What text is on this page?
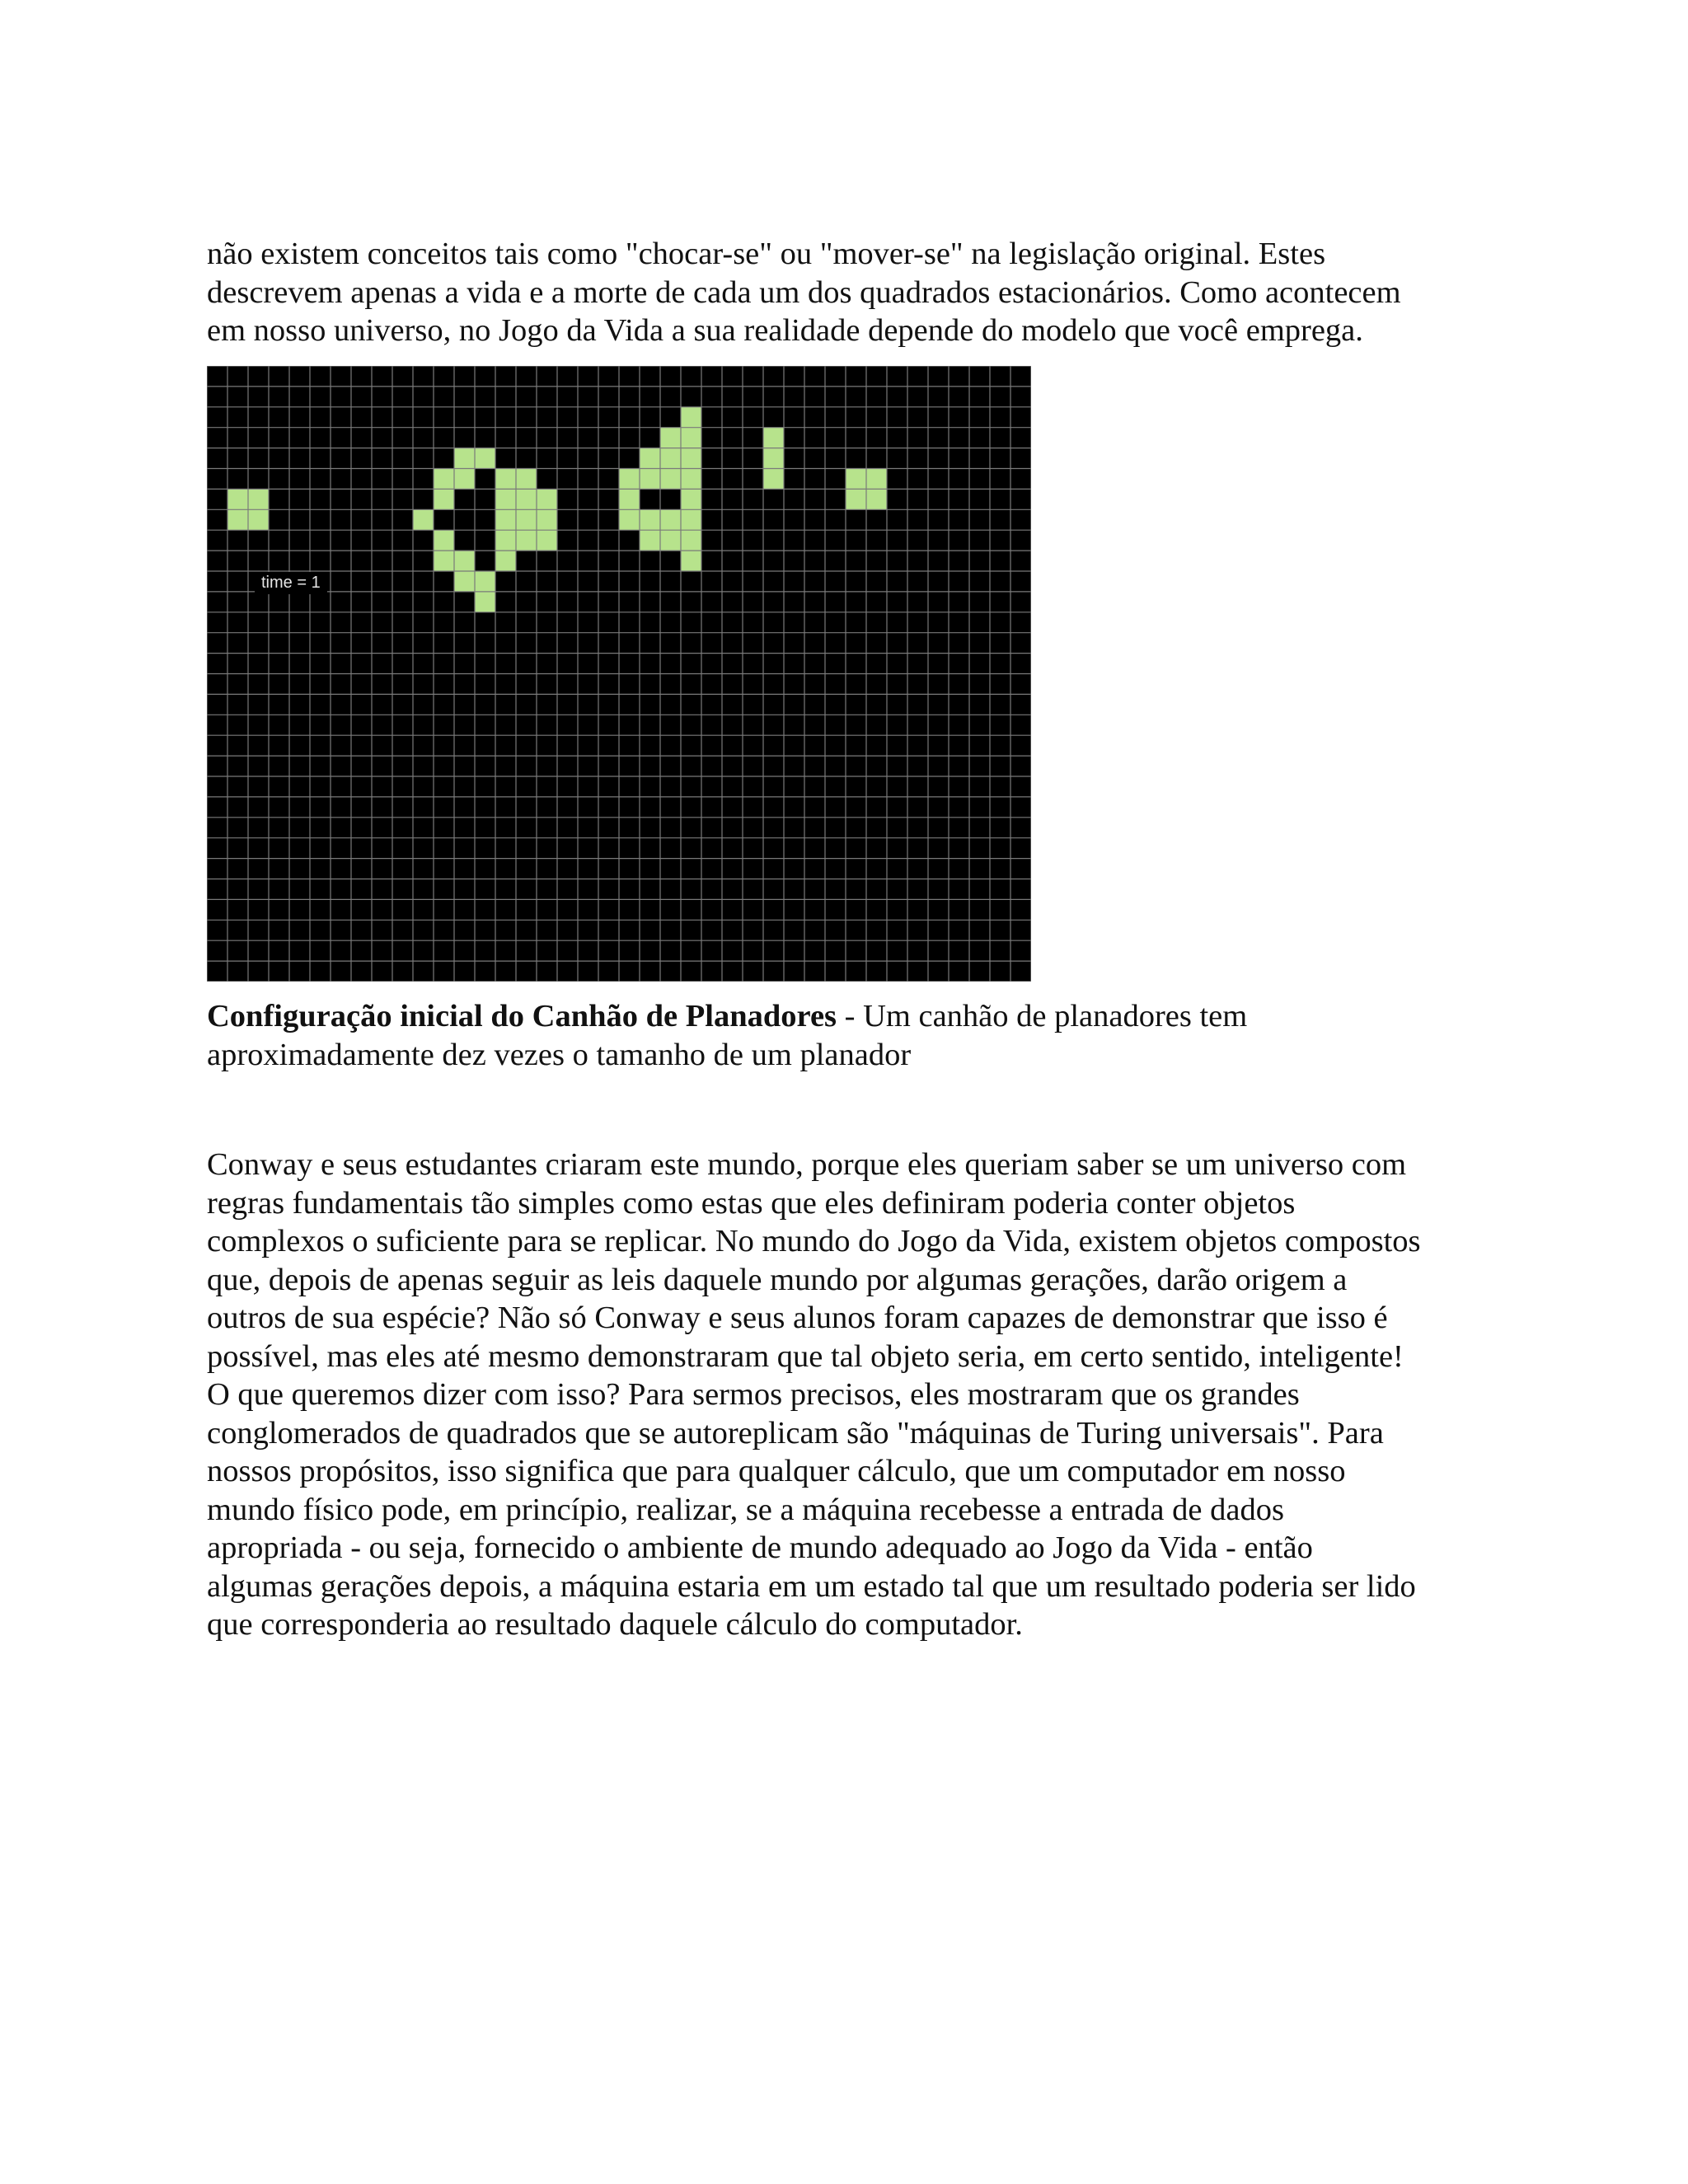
não existem conceitos tais como "chocar-se" ou "mover-se" na legislação original. Estes
descrevem apenas a vida e a morte de cada um dos quadrados estacionários. Como acontecem
em nosso universo, no Jogo da Vida a sua realidade depende do modelo que você emprega.

time = 1

Configuração inicial do Canhão de Planadores - Um canhão de planadores tem
aproximadamente dez vezes o tamanho de um planador

Conway e seus estudantes criaram este mundo, porque eles queriam saber se um universo com
regras fundamentais tão simples como estas que eles definiram poderia conter objetos
complexos o suficiente para se replicar. No mundo do Jogo da Vida, existem objetos compostos
que, depois de apenas seguir as leis daquele mundo por algumas gerações, darão origem a
outros de sua espécie? Não só Conway e seus alunos foram capazes de demonstrar que isso é
possível, mas eles até mesmo demonstraram que tal objeto seria, em certo sentido, inteligente!
O que queremos dizer com isso? Para sermos precisos, eles mostraram que os grandes
conglomerados de quadrados que se autoreplicam são "máquinas de Turing universais". Para
nossos propósitos, isso significa que para qualquer cálculo, que um computador em nosso
mundo físico pode, em princípio, realizar, se a máquina recebesse a entrada de dados
apropriada - ou seja, fornecido o ambiente de mundo adequado ao Jogo da Vida - então
algumas gerações depois, a máquina estaria em um estado tal que um resultado poderia ser lido
que corresponderia ao resultado daquele cálculo do computador.
